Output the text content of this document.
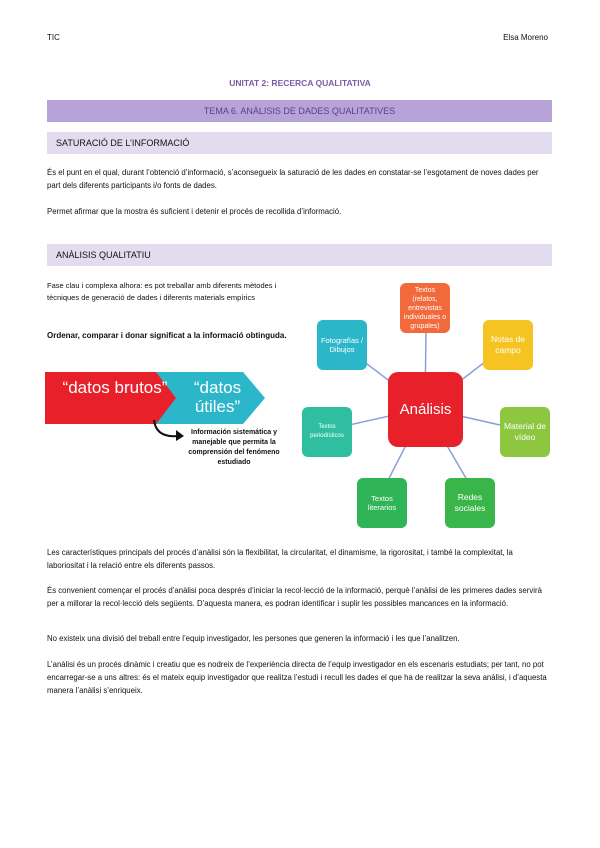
TIC	Elsa Moreno
UNITAT 2: RECERCA QUALITATIVA
TEMA 6. ANÀLISIS DE DADES QUALITATIVES
SATURACIÓ DE L’INFORMACIÓ
És el punt en el qual, durant l’obtenció d’informació, s’aconsegueix la saturació de les dades en constatar-se l’esgotament de noves dades per part dels diferents participants i/o fonts de dades.
Permet afirmar que la mostra és suficient i detenir el procés de recollida d’informació.
ANÀLISIS QUALITATIU
Fase clau i complexa alhora: es pot treballar amb diferents mètodes i tècniques de generació de dades i diferents materials empírics
Ordenar, comparar i donar significat a la informació obtinguda.
“datos brutos”	“datos útiles”
Información sistemática y manejable que permita la comprensión del fenómeno estudiado
Textos (relatos, entrevistas individuales o grupales)
Notas de campo
Material de vídeo
Redes sociales
Textos literarios
Textos periodísticos
Fotografías / Dibujos
Análisis
Les característiques principals del procés d’anàlisi són la flexibilitat, la circularitat, el dinamisme, la rigorositat, i també la complexitat, la laboriositat i la relació entre els diferents passos.
És convenient començar el procés d’anàlisi poca després d’iniciar la recol·lecció de la informació, perquè l’anàlisi de les primeres dades servirà per a millorar la recol·lecció dels següents. D’aquesta manera, es podran identificar i suplir les possibles mancances en la informació.
No existeix una divisió del treball entre l’equip investigador, les persones que generen la informació i les que l’analitzen.
L’anàlisi és un procés dinàmic i creatiu que es nodreix de l’experiència directa de l’equip investigador en els escenaris estudiats; per tant, no pot encarregar-se a uns altres: és el mateix equip investigador que realitza l’estudi i recull les dades el que ha de realitzar la seva anàlisi, i d’aquesta manera l’anàlisi s’enriqueix.
